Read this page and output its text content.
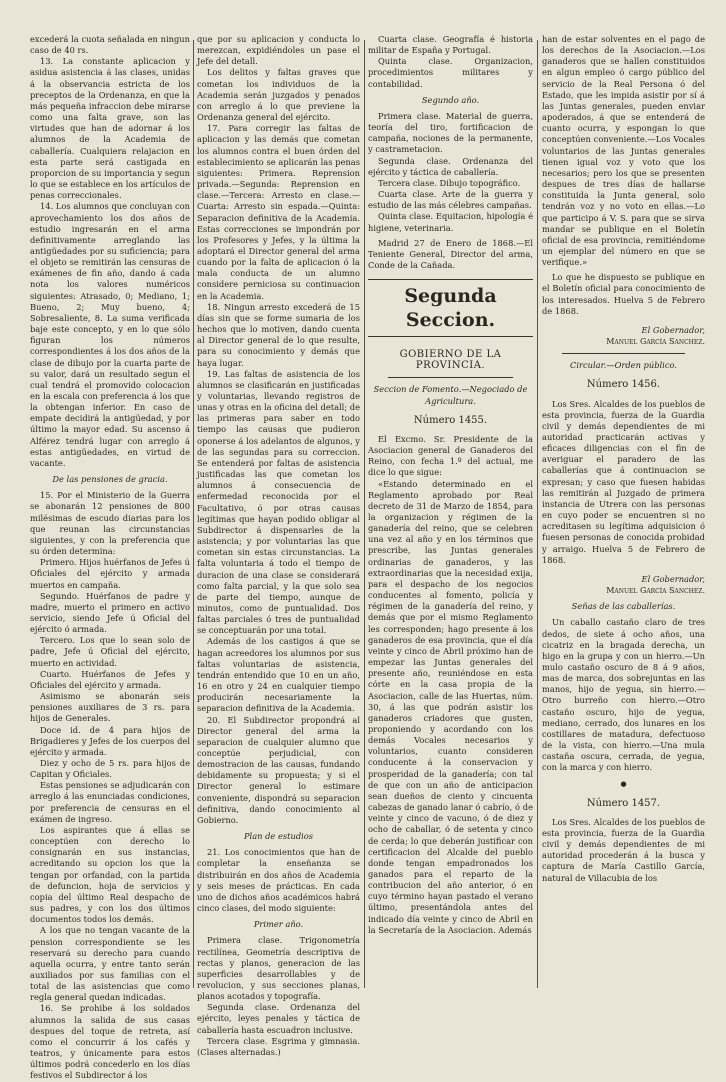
excederá la cuota señalada en ningun caso de 40 rs.

13. La constante aplicacion y asidua asistencia á las clases, unidas á la observancia estricta de los preceptos de la Ordenanza, en que la más pequeña infraccion debe mirarse como una falta grave, son las virtudes que han de adornar á los alumnos de la Academia de caballería. Cualquiera relajacion en esta parte será castigada en proporcion de su importancia y segun lo que se establece en los artículos de penas correccionales.

14. Los alumnos que concluyan con aprovechamiento los dos años de estudio ingresarán en el arma definitivamente arreglando las antigüedades por su suficiencia; para el objeto se remitirán las censuras de exámenes de fin año, dando á cada nota los valores numéricos siguientes: Atrasado, 0; Mediano, 1; Bueno, 2; Muy bueno, 4; Sobresaliente, 8. La suma verificada baje este concepto, y en lo que sólo figuran los números correspondientes á los dos años de la clase de dibujo por la cuarta parte de su valor, dará un resultado segun el cual tendrá el promovido colocacion en la escala con preferencia á los que la obtengan inferior. En caso de empate decidirá la antigüedad, y por último la mayor edad. Su ascenso á Alférez tendrá lugar con arreglo á estas antigüedades, en virtud de vacante.

De las pensiones de gracia.

15. Por el Ministerio de la Guerra se abonarán 12 pensiones de 800 milésimas de escudo diarias para los que reunan las circunstancias siguientes, y con la preferencia que su órden determina:

Primero. Hijos huérfanos de Jefes ú Oficiales del ejército y armada muertos en campaña.

Segundo. Huérfanos de padre y madre, muerto el primero en activo servicio, siendo Jefe ú Oficial del ejército ó armada.

Tercero. Los que lo sean solo de padre, Jefe ú Oficial del ejército, muerto en actividad.

Cuarto. Huérfanos de Jefes y Oficiales del ejército y armada.

Asimismo se abonarán seis pensiones auxiliares de 3 rs. para hijos de Generales.

Doce id. de 4 para hijos de Brigadieres y Jefes de los cuerpos del ejército y armada.

Diez y ocho de 5 rs. para hijos de Capitan y Oficiales.

Estas pensiones se adjudicarán con arreglo á las enunciadas condiciones, por preferencia de censuras en el exámen de ingreso.

Los aspirantes que á ellas se conceptúen con derecho lo consignarán en sus instancias, acreditando su opcion los que la tengan por orfandad, con la partida de defuncion, hoja de servicios y copia del último Real despacho de sus padres, y con los dos últimos documentos todos los demás.

A los que no tengan vacante de la pension correspondiente se les reservará su derecho para cuando aquella ocurra, y entre tanto serán auxiliados por sus familias con el total de las asistencias que como regla general quedan indicadas.

16. Se prohibe á los soldados alumnos la salida de sus casas despues del toque de retreta, así como el concurrir á los cafés y teatros, y únicamente para estos últimos podrá concederlo en los días festivos el Subdirector á los

que por su aplicacion y conducta lo merezcan, expidiéndoles un pase el Jefe del detall.

Los delitos y faltas graves que cometan los individuos de la Academia serán juzgados y penados con arreglo á lo que previene la Ordenanza general del ejército.

17. Para corregir las faltas de aplicacion y las demás que cometan los alumnos contra el buen órden del establecimiento se aplicarán las penas siguientes: Primera. Reprension privada.—Segunda: Reprension en clase.—Tercera: Arresto en clase.—Cuarta: Arresto sin espada.—Quinta: Separacion definitiva de la Academia. Estas correcciones se impondrán por los Profesores y Jefes, y la última la adoptará el Director general del arma cuando por la falta de aplicacion ó la mala conducta de un alumno considere perniciosa su continuacion en la Academia.

18. Ningun arresto excederá de 15 días sin que se forme sumaria de los hechos que lo motiven, dando cuenta al Director general de lo que resulte, para su conocimiento y demás que haya lugar.

19. Las faltas de asistencia de los alumnos se clasificarán en justificadas y voluntarias, llevando registros de unas y otras en la oficina del detall; de las primeras para saber en todo tiempo las causas que pudieron oponerse á los adelantos de algunos, y de las segundas para su correccion. Se entenderá por faltas de asistencia justificadas las que cometan los alumnos á consecuencia de enfermedad reconocida por el Facultativo, ó por otras causas legítimas que hayan podido obligar al Subdirector á dispensarles de la asistencia; y por voluntarias las que cometan sin estas circunstancias. La falta voluntaria á todo el tiempo de duracion de una clase se considerará como falta parcial, y la que solo sea de parte del tiempo, aunque de minutos, como de puntualidad. Dos faltas parciales ó tres de puntualidad se conceptuarán por una total.

Además de los castigos á que se hagan acreedores los alumnos por sus faltas voluntarias de asistencia, tendrán entendido que 10 en un año, 16 en otro y 24 en cualquier tiempo producirán necesariamente la separacion definitiva de la Academia.

20. El Subdirector propondrá al Director general del arma la separacion de cualquier alumno que conceptúe perjudicial, con demostracion de las causas, fundando debidamente su propuesta; y si el Director general lo estimare conveniente, dispondrá su separacion definitiva, dando conocimiento al Gobierno.

Plan de estudios

21. Los conocimientos que han de completar la enseñanza se distribuirán en dos años de Academia y seis meses de prácticas. En cada uno de dichos años académicos habrá cinco clases, del modo siguiente:

Primer año.

Primera clase. Trigonometría rectilínea, Geometría descriptiva de rectas y planos, generacion de las superficies desarrollables y de revolucion, y sus secciones planas, planos acotados y topografía.

Segunda clase. Ordenanza del ejército, leyes penales y táctica de caballería hasta escuadron inclusive.

Tercera clase. Esgrima y gimnasia. (Clases alternadas.)

Cuarta clase. Geografía é historia militar de España y Portugal.

Quinta clase. Organizacion, procedimientos militares y contabilidad.

Segundo año.

Primera clase. Material de guerra, teoría del tiro, fortificacion de campaña, nociones de la permanente, y castrametacion.

Segunda clase. Ordenanza del ejército y táctica de caballería.

Tercera clase. Dibujo topográfico.

Cuarta clase. Arte de la guerra y estudio de las más célebres campañas.

Quinta clase. Equitacion, hipología é higiene, veterinaria.

Madrid 27 de Enero de 1868.—El Teniente General, Director del arma, Conde de la Cañada.

Segunda Seccion.
GOBIERNO DE LA PROVINCIA.

Seccion de Fomento.—Negociado de Agricultura.

Número 1455.

El Excmo. Sr. Presidente de la Asociacion general de Ganaderos del Reino, con fecha 1.º del actual, me dice lo que sigue:

«Estando determinado en el Reglamento aprobado por Real decreto de 31 de Marzo de 1854, para la organizacion y régimen de la ganadería del reino, que se celebren una vez al año y en los términos que prescribe, las Juntas generales ordinarias de ganaderos, y las extraordinarias que la necesidad exija, para el despacho de los negocios conducentes al fomento, policía y régimen de la ganadería del reino, y demás que por el mismo Reglamento les corresponden; hago presente á los ganaderos de esa provincia, que el día veinte y cinco de Abril próximo han de empezar las Juntas generales del presente año, reuniéndose en esta córte en la casa propia de la Asociacion, calle de las Huertas, núm. 30, á las que podrán asistir los ganaderos criadores que gusten, proponiendo y acordando con los demás Vocales necesarios y voluntarios, cuanto consideren conducente á la conservacion y prosperidad de la ganadería; con tal de que con un año de anticipacion sean dueños de ciento y cincuenta cabezas de ganado lanar ó cabrío, ó de veinte y cinco de vacuno, ó de diez y ocho de caballar, ó de setenta y cinco de cerda; lo que deberán justificar con certificacion del Alcalde del pueblo donde tengan empadronados los ganados para el reparto de la contribucion del año anterior, ó en cuyo término hayan pastado el verano último, presentándola antes del indicado día veinte y cinco de Abril en la Secretaría de la Asociacion. Además

han de estar solventes en el pago de los derechos de la Asociacion.—Los ganaderos que se hallen constituidos en algun empleo ó cargo público del servicio de la Real Persona ó del Estado, que les impida asistir por sí á las Juntas generales, pueden enviar apoderados, á que se entenderá de cuanto ocurra, y espongan lo que conceptúen conveniente.—Los Vocales voluntarios de las Juntas generales tienen igual voz y voto que los necesarios; pero los que se presenten despues de tres días de hallarse constituida la Junta general, solo tendrán voz y no voto en ellas.—Lo que participo á V. S. para que se sirva mandar se publique en el Boletín oficial de esa provincia, remitiéndome un ejemplar del número en que se verifique.»

Lo que he dispuesto se publique en el Boletín oficial para conocimiento de los interesados. Huelva 5 de Febrero de 1868.

El Gobernador,

Manuel García Sanchez.

Circular.—Orden público.

Número 1456.

Los Sres. Alcaldes de los pueblos de esta provincia, fuerza de la Guardia civil y demás dependientes de mi autoridad practicarán activas y eficaces diligencias con el fin de averiguar el paradero de las caballerías que á continuacion se expresan; y caso que fuesen habidas las remitirán al Juzgado de primera instancia de Utrera con las personas en cuyo poder se encuentren si no acreditasen su legítima adquisicion ó fuesen personas de conocida probidad y arraigo. Huelva 5 de Febrero de 1868.

El Gobernador,

Manuel García Sanchez.

Señas de las caballerías.

Un caballo castaño claro de tres dedos, de siete á ocho años, una cicatriz en la bragada derecha, un higo en la grupa y con un hierro.—Un mulo castaño oscuro de 8 á 9 años, mas de marca, dos sobrejuntas en las manos, hijo de yegua, sin hierro.—Otro burreño con hierro.—Otro castaño oscuro, hijo de yegua, mediano, cerrado, dos lunares en los costillares de matadura, defectuoso de la vista, con hierro.—Una mula castaña oscura, cerrada, de yegua, con la marca y con hierro.

●

Número 1457.

Los Sres. Alcaldes de los pueblos de esta provincia, fuerza de la Guardia civil y demás dependientes de mi autoridad procederán á la busca y captura de María Castillo García, natural de Villacubia de los
